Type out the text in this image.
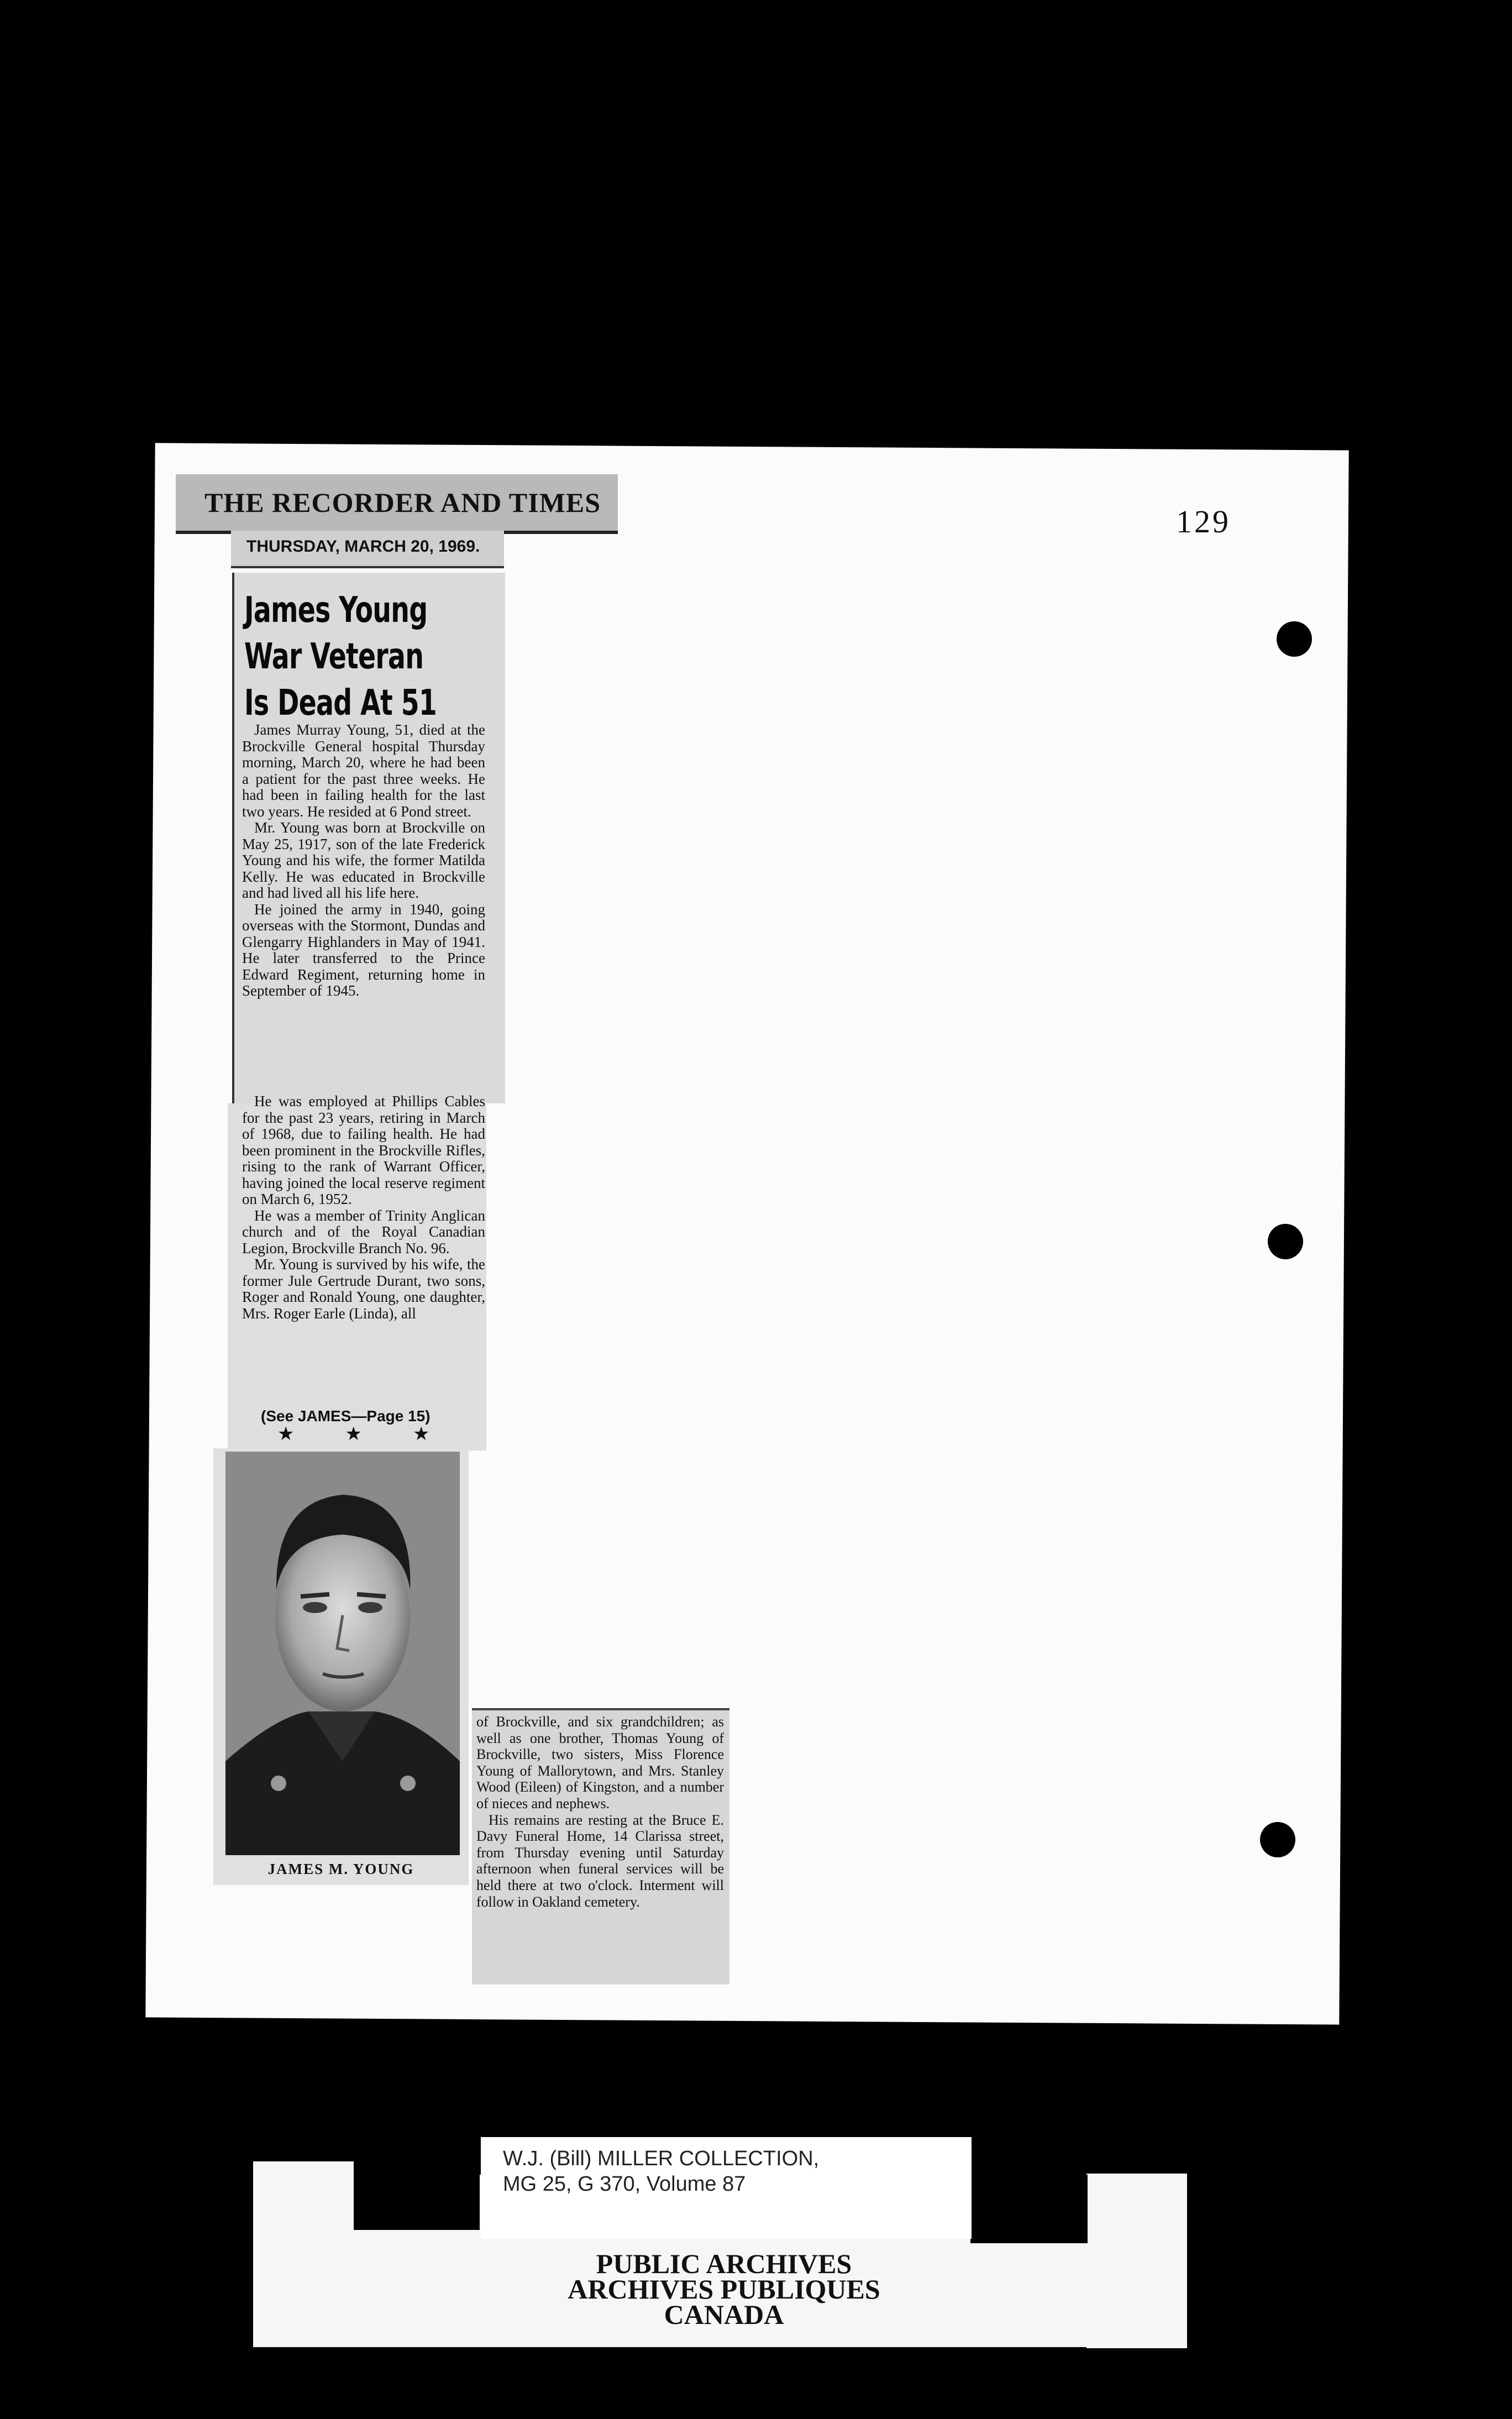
129
THE RECORDER AND TIMES
THURSDAY, MARCH 20, 1969.
James Young
War Veteran
Is Dead At 51

James Murray Young, 51, died at the Brockville General hospital Thursday morning, March 20, where he had been a patient for the past three weeks. He had been in failing health for the last two years. He resided at 6 Pond street.

Mr. Young was born at Brockville on May 25, 1917, son of the late Frederick Young and his wife, the former Matilda Kelly. He was educated in Brockville and had lived all his life here.

He joined the army in 1940, going overseas with the Stormont, Dundas and Glengarry Highlanders in May of 1941. He later transferred to the Prince Edward Regiment, returning home in September of 1945.

He was employed at Phillips Cables for the past 23 years, retiring in March of 1968, due to failing health. He had been prominent in the Brockville Rifles, rising to the rank of Warrant Officer, having joined the local reserve regiment on March 6, 1952.

He was a member of Trinity Anglican church and of the Royal Canadian Legion, Brockville Branch No. 96.

Mr. Young is survived by his wife, the former Jule Gertrude Durant, two sons, Roger and Ronald Young, one daughter, Mrs. Roger Earle (Linda), all

(See JAMES—Page 15)
★★★
JAMES M. YOUNG

of Brockville, and six grandchildren; as well as one brother, Thomas Young of Brockville, two sisters, Miss Florence Young of Mallorytown, and Mrs. Stanley Wood (Eileen) of Kingston, and a number of nieces and nephews.

His remains are resting at the Bruce E. Davy Funeral Home, 14 Clarissa street, from Thursday evening until Saturday afternoon when funeral services will be held there at two o'clock. Interment will follow in Oakland cemetery.

W.J. (Bill) MILLER COLLECTION,
MG 25, G 370, Volume 87
PUBLIC ARCHIVES
ARCHIVES PUBLIQUES
CANADA
